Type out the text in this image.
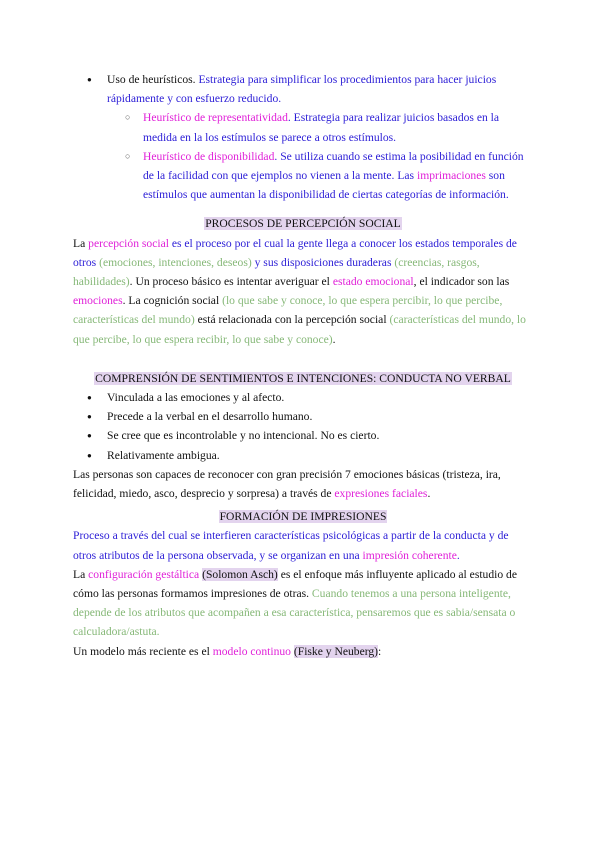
● Uso de heurísticos. Estrategia para simplificar los procedimientos para hacer juicios rápidamente y con esfuerzo reducido.
○ Heurístico de representatividad. Estrategia para realizar juicios basados en la medida en la los estímulos se parece a otros estímulos.
○ Heurístico de disponibilidad. Se utiliza cuando se estima la posibilidad en función de la facilidad con que ejemplos no vienen a la mente. Las imprimaciones son estímulos que aumentan la disponibilidad de ciertas categorías de información.
PROCESOS DE PERCEPCIÓN SOCIAL

La percepción social es el proceso por el cual la gente llega a conocer los estados temporales de otros (emociones, intenciones, deseos) y sus disposiciones duraderas (creencias, rasgos, habilidades). Un proceso básico es intentar averiguar el estado emocional, el indicador son las emociones. La cognición social (lo que sabe y conoce, lo que espera percibir, lo que percibe, características del mundo) está relacionada con la percepción social (características del mundo, lo que percibe, lo que espera recibir, lo que sabe y conoce).

COMPRENSIÓN DE SENTIMIENTOS E INTENCIONES: CONDUCTA NO VERBAL
● Vinculada a las emociones y al afecto.
● Precede a la verbal en el desarrollo humano.
● Se cree que es incontrolable y no intencional. No es cierto.
● Relativamente ambigua.

Las personas son capaces de reconocer con gran precisión 7 emociones básicas (tristeza, ira, felicidad, miedo, asco, desprecio y sorpresa) a través de expresiones faciales.

FORMACIÓN DE IMPRESIONES

Proceso a través del cual se interfieren características psicológicas a partir de la conducta y de otros atributos de la persona observada, y se organizan en una impresión coherente.

La configuración gestáltica (Solomon Asch) es el enfoque más influyente aplicado al estudio de cómo las personas formamos impresiones de otras. Cuando tenemos a una persona inteligente, depende de los atributos que acompañen a esa característica, pensaremos que es sabia/sensata o calculadora/astuta.

Un modelo más reciente es el modelo continuo (Fiske y Neuberg):
